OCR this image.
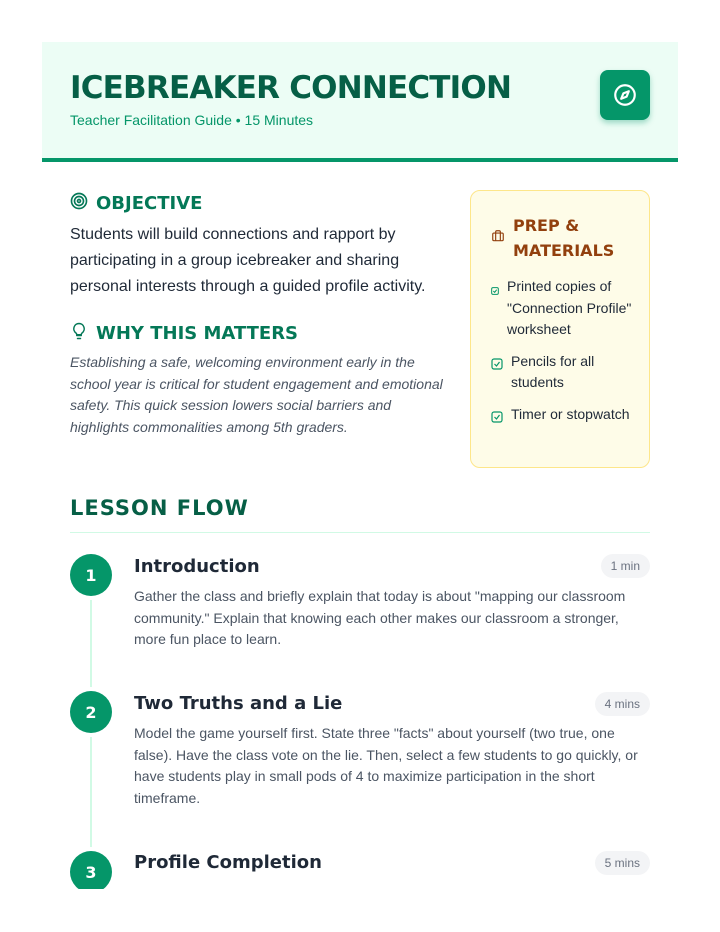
ICEBREAKER CONNECTION
Teacher Facilitation Guide • 15 Minutes
OBJECTIVE
Students will build connections and rapport by participating in a group icebreaker and sharing personal interests through a guided profile activity.
WHY THIS MATTERS
Establishing a safe, welcoming environment early in the school year is critical for student engagement and emotional safety. This quick session lowers social barriers and highlights commonalities among 5th graders.
PREP & MATERIALS
Printed copies of "Connection Profile" worksheet
Pencils for all students
Timer or stopwatch
LESSON FLOW
1	Introduction	1 min
Gather the class and briefly explain that today is about "mapping our classroom community." Explain that knowing each other makes our classroom a stronger, more fun place to learn.
2	Two Truths and a Lie	4 mins
Model the game yourself first. State three "facts" about yourself (two true, one false). Have the class vote on the lie. Then, select a few students to go quickly, or have students play in small pods of 4 to maximize participation in the short timeframe.
3	Profile Completion	5 mins
